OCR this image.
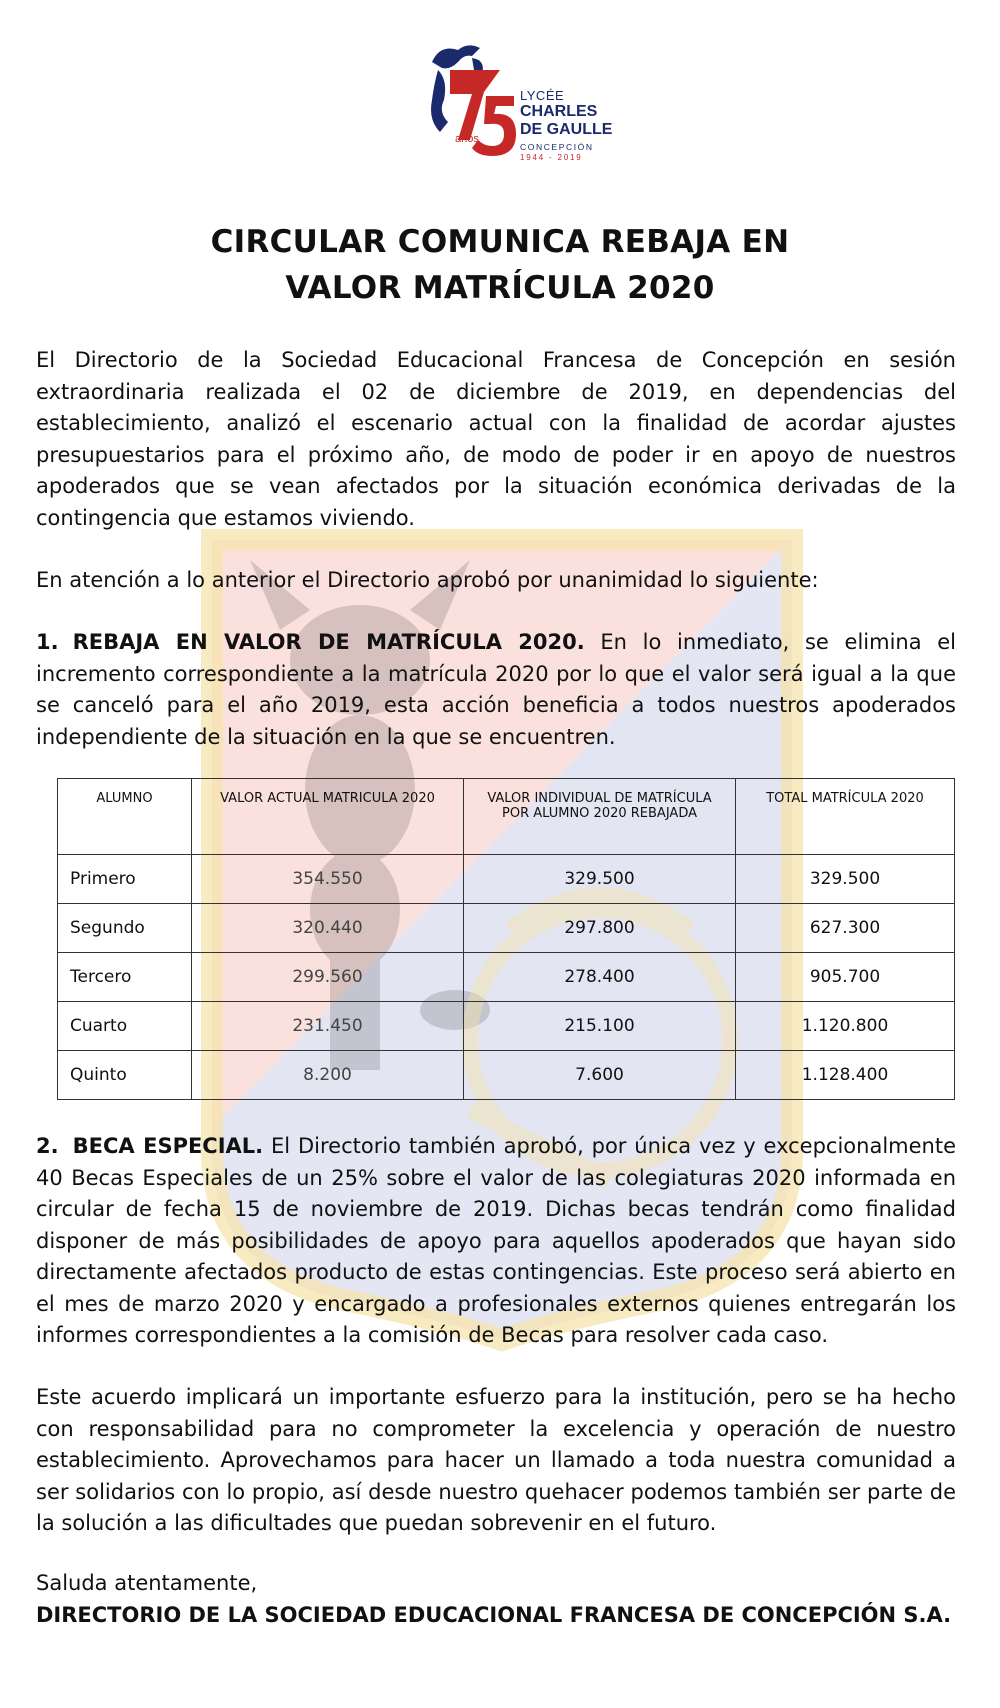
años
LYCÉE
CHARLES
DE GAULLE
CONCEPCIÓN
1944 - 2019
CIRCULAR COMUNICA REBAJA EN
VALOR MATRÍCULA 2020
El Directorio de la Sociedad Educacional Francesa de Concepción en sesión extraordinaria realizada el 02 de diciembre de 2019, en dependencias del establecimiento, analizó el escenario actual con la finalidad de acordar ajustes presupuestarios para el próximo año, de modo de poder ir en apoyo de nuestros apoderados que se vean afectados por la situación económica derivadas de la contingencia que estamos viviendo.
En atención a lo anterior el Directorio aprobó por unanimidad lo siguiente:
1. REBAJA EN VALOR DE MATRÍCULA 2020. En lo inmediato, se elimina el incremento correspondiente a la matrícula 2020 por lo que el valor será igual a la que se canceló para el año 2019, esta acción beneficia a todos nuestros apoderados independiente de la situación en la que se encuentren.
ALUMNO	VALOR ACTUAL MATRICULA 2020	VALOR INDIVIDUAL DE MATRÍCULA
POR ALUMNO 2020 REBAJADA	TOTAL MATRÍCULA 2020
Primero	354.550	329.500	329.500
Segundo	320.440	297.800	627.300
Tercero	299.560	278.400	905.700
Cuarto	231.450	215.100	1.120.800
Quinto	8.200	7.600	1.128.400
2. BECA ESPECIAL. El Directorio también aprobó, por única vez y excepcionalmente 40 Becas Especiales de un 25% sobre el valor de las colegiaturas 2020 informada en circular de fecha 15 de noviembre de 2019. Dichas becas tendrán como finalidad disponer de más posibilidades de apoyo para aquellos apoderados que hayan sido directamente afectados producto de estas contingencias. Este proceso será abierto en el mes de marzo 2020 y encargado a profesionales externos quienes entregarán los informes correspondientes a la comisión de Becas para resolver cada caso.
Este acuerdo implicará un importante esfuerzo para la institución, pero se ha hecho con responsabilidad para no comprometer la excelencia y operación de nuestro establecimiento. Aprovechamos para hacer un llamado a toda nuestra comunidad a ser solidarios con lo propio, así desde nuestro quehacer podemos también ser parte de la solución a las dificultades que puedan sobrevenir en el futuro.
Saluda atentamente,
DIRECTORIO DE LA SOCIEDAD EDUCACIONAL FRANCESA DE CONCEPCIÓN S.A.
